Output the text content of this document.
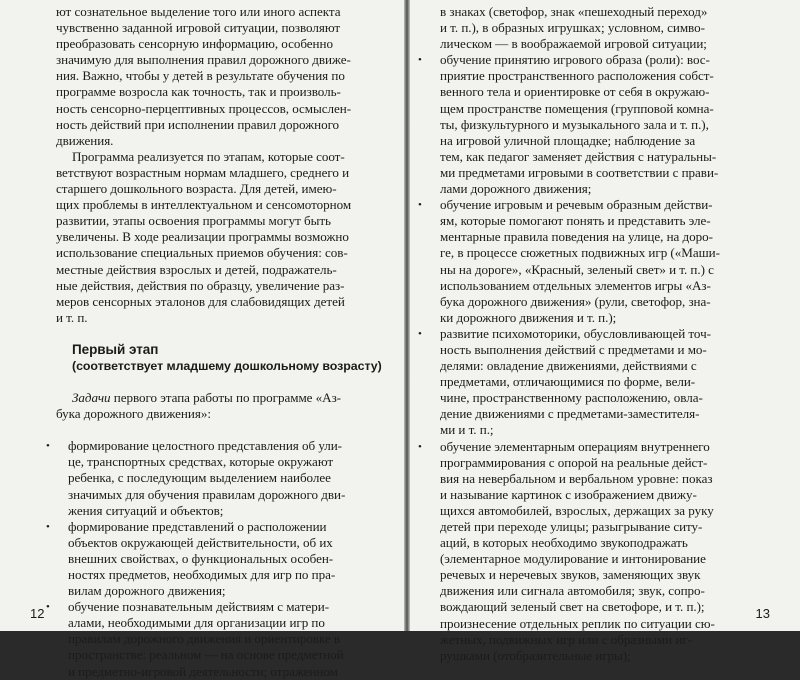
ют сознательное выделение того или иного аспекта
чувственно заданной игровой ситуации, позволяют
преобразовать сенсорную информацию, особенно
значимую для выполнения правил дорожного движе-
ния. Важно, чтобы у детей в результате обучения по
программе возросла как точность, так и произволь-
ность сенсорно-перцептивных процессов, осмыслен-
ность действий при исполнении правил дорожного
движения.
Программа реализуется по этапам, которые соот-
ветствуют возрастным нормам младшего, среднего и
старшего дошкольного возраста. Для детей, имею-
щих проблемы в интеллектуальном и сенсомоторном
развитии, этапы освоения программы могут быть
увеличены. В ходе реализации программы возможно
использование специальных приемов обучения: сов-
местные действия взрослых и детей, подражатель-
ные действия, действия по образцу, увеличение раз-
меров сенсорных эталонов для слабовидящих детей
и т. п.
Первый этап
(соответствует младшему дошкольному возрасту)
Задачи первого этапа работы по программе «Аз-
бука дорожного движения»:
• формирование целостного представления об ули-
це, транспортных средствах, которые окружают
ребенка, с последующим выделением наиболее
значимых для обучения правилам дорожного дви-
жения ситуаций и объектов;
• формирование представлений о расположении
объектов окружающей действительности, об их
внешних свойствах, о функциональных особен-
ностях предметов, необходимых для игр по пра-
вилам дорожного движения;
• обучение познавательным действиям с матери-
алами, необходимыми для организации игр по
правилам дорожного движения и ориентировке в
пространстве: реальном — на основе предметной
и предметно-игровой деятельности; отраженном
12
в знаках (светофор, знак «пешеходный переход»
и т. п.), в образных игрушках; условном, симво-
лическом — в воображаемой игровой ситуации;
• обучение принятию игрового образа (роли): вос-
приятие пространственного расположения собст-
венного тела и ориентировке от себя в окружаю-
щем пространстве помещения (групповой комна-
ты, физкультурного и музыкального зала и т. п.),
на игровой уличной площадке; наблюдение за
тем, как педагог заменяет действия с натуральны-
ми предметами игровыми в соответствии с прави-
лами дорожного движения;
• обучение игровым и речевым образным действи-
ям, которые помогают понять и представить эле-
ментарные правила поведения на улице, на доро-
ге, в процессе сюжетных подвижных игр («Маши-
ны на дороге», «Красный, зеленый свет» и т. п.) с
использованием отдельных элементов игры «Аз-
бука дорожного движения» (рули, светофор, зна-
ки дорожного движения и т. п.);
• развитие психомоторики, обусловливающей точ-
ность выполнения действий с предметами и мо-
делями: овладение движениями, действиями с
предметами, отличающимися по форме, вели-
чине, пространственному расположению, овла-
дение движениями с предметами-заместителя-
ми и т. п.;
• обучение элементарным операциям внутреннего
программирования с опорой на реальные дейст-
вия на невербальном и вербальном уровне: показ
и называние картинок с изображением движу-
щихся автомобилей, взрослых, держащих за руку
детей при переходе улицы; разыгрывание ситу-
аций, в которых необходимо звукоподражать
(элементарное модулирование и интонирование
речевых и неречевых звуков, заменяющих звук
движения или сигнала автомобиля; звук, сопро-
вождающий зеленый свет на светофоре, и т. п.);
произнесение отдельных реплик по ситуации сю-
жетных, подвижных игр или с образными иг-
рушками (отобразительные игры);
13
